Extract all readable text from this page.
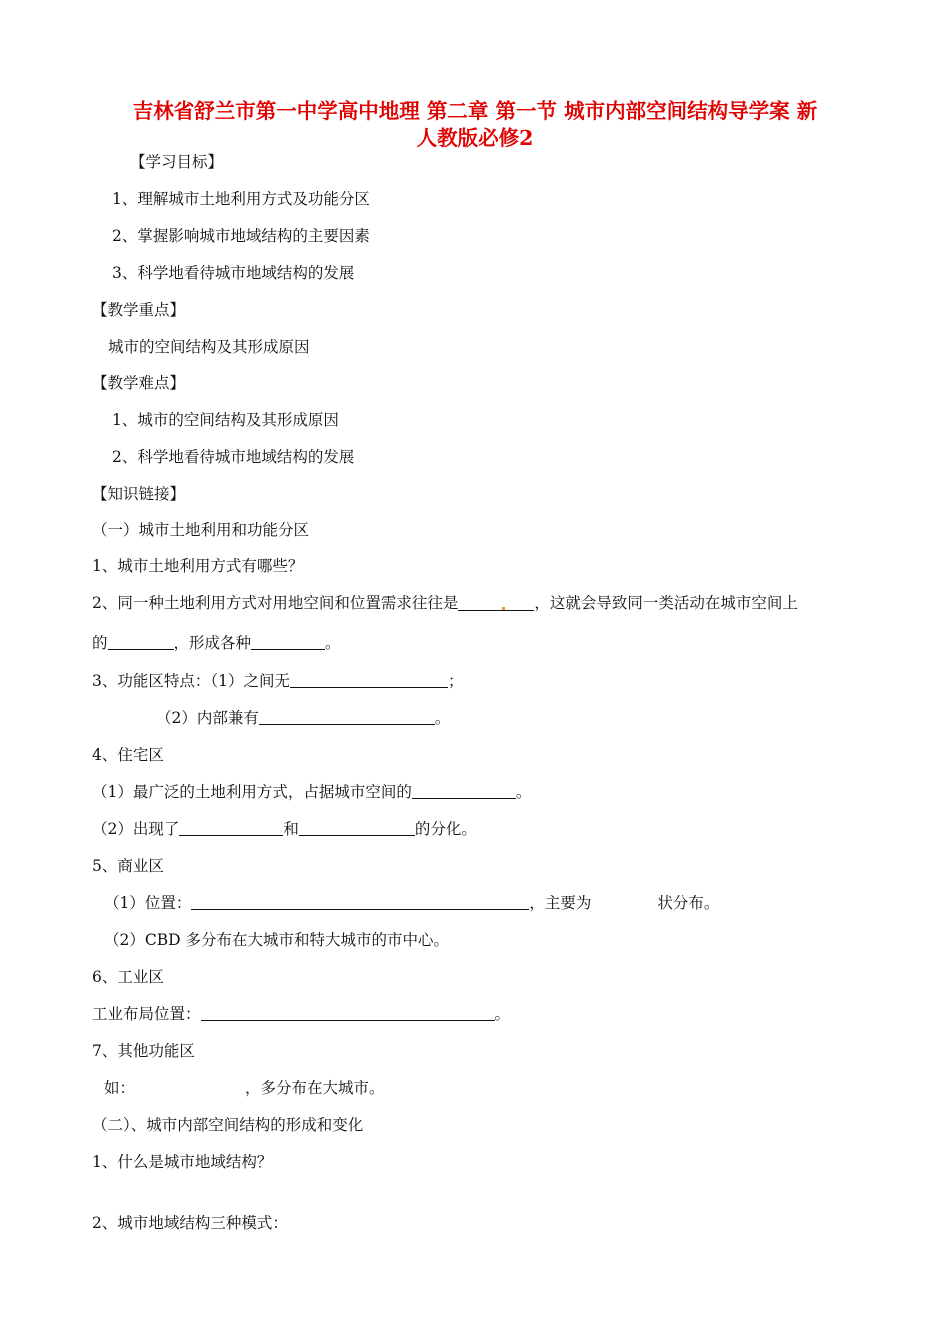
吉林省舒兰市第一中学高中地理 第二章 第一节 城市内部空间结构导学案 新
人教版必修2
【学习目标】
1、理解城市土地利用方式及功能分区
2、掌握影响城市地域结构的主要因素
3、科学地看待城市地域结构的发展
【教学重点】
城市的空间结构及其形成原因
【教学难点】
1、城市的空间结构及其形成原因
2、科学地看待城市地域结构的发展
【知识链接】
（一）城市土地利用和功能分区
1、城市土地利用方式有哪些？
2、同一种土地利用方式对用地空间和位置需求往往是	，这就会导致同一类活动在城市空间上
的	，形成各种	。
3、功能区特点：（1）之间无	；
（2）内部兼有	。
4、住宅区
（1）最广泛的土地利用方式，占据城市空间的	。
（2）出现了	和	的分化。
5、商业区
（1）位置：	，主要为	状分布。
（2）CBD 多分布在大城市和特大城市的市中心。
6、工业区
工业布局位置：	。
7、其他功能区
如：	，多分布在大城市。
（二）、城市内部空间结构的形成和变化
1、什么是城市地域结构？
2、城市地域结构三种模式：
